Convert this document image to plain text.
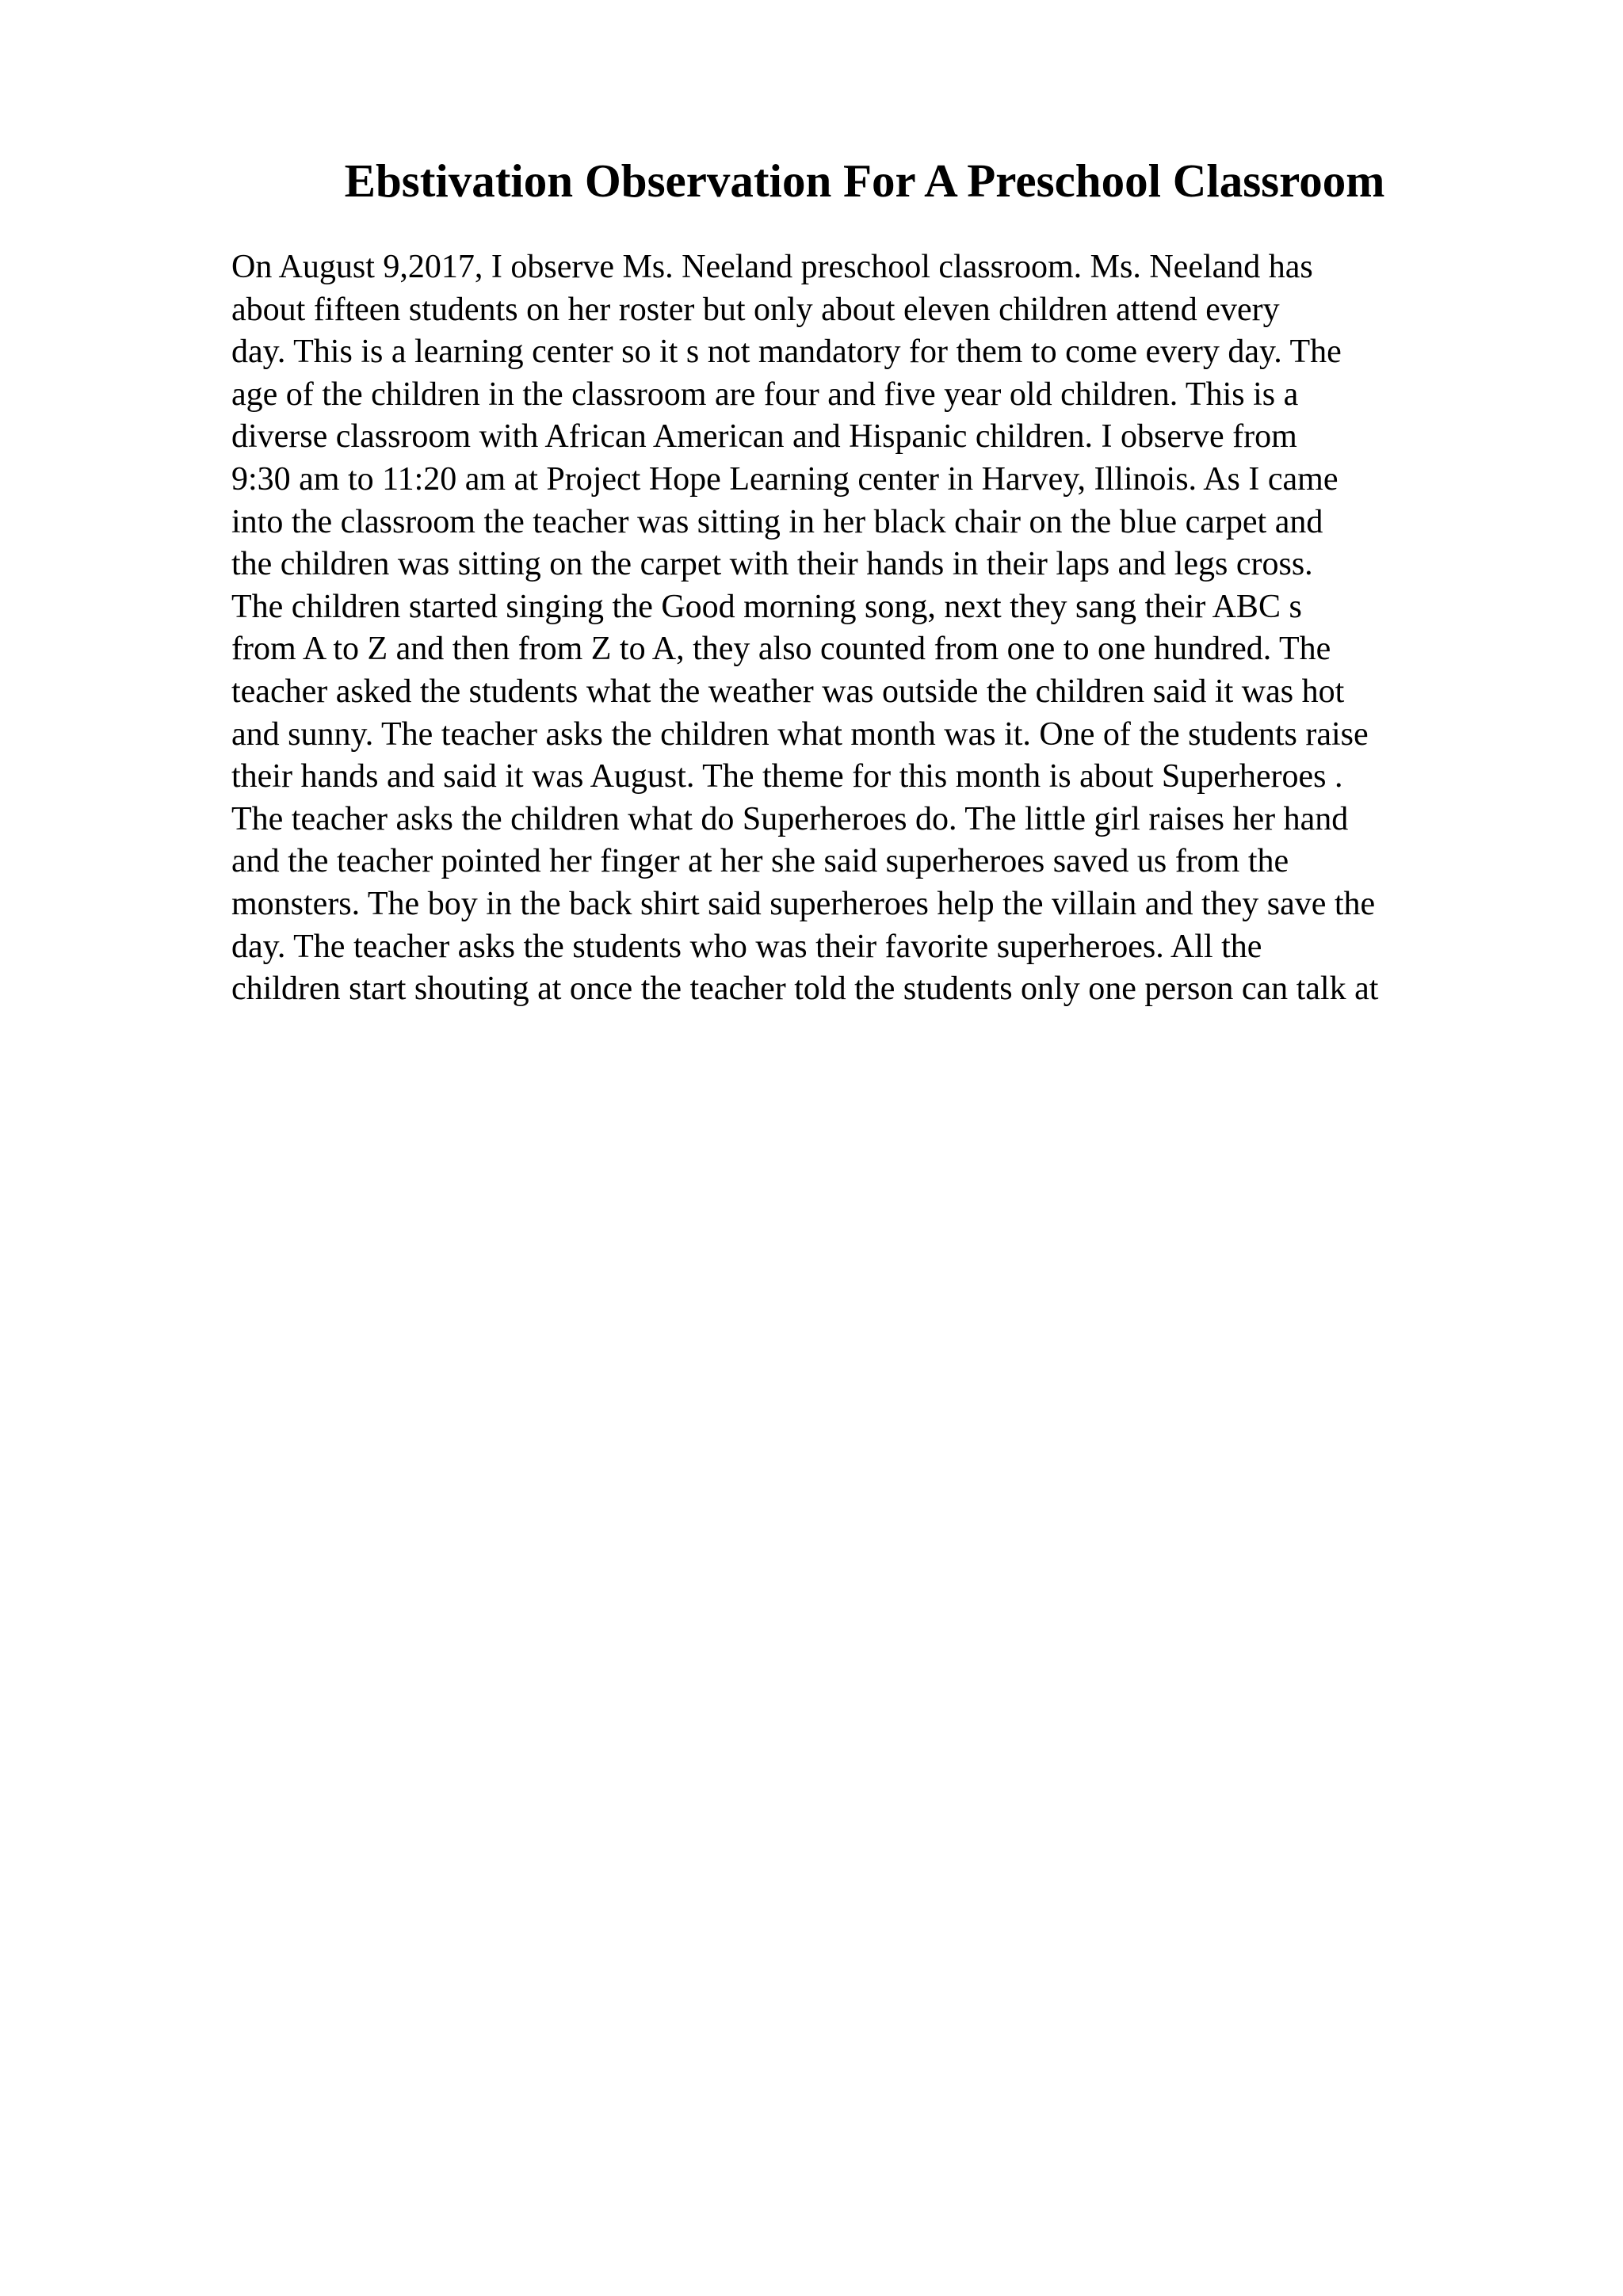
Ebstivation Observation For A Preschool Classroom
On August 9,2017, I observe Ms. Neeland preschool classroom. Ms. Neeland has
about fifteen students on her roster but only about eleven children attend every
day. This is a learning center so it s not mandatory for them to come every day. The
age of the children in the classroom are four and five year old children. This is a
diverse classroom with African American and Hispanic children. I observe from
9:30 am to 11:20 am at Project Hope Learning center in Harvey, Illinois. As I came
into the classroom the teacher was sitting in her black chair on the blue carpet and
the children was sitting on the carpet with their hands in their laps and legs cross.
The children started singing the Good morning song, next they sang their ABC s
from A to Z and then from Z to A, they also counted from one to one hundred. The
teacher asked the students what the weather was outside the children said it was hot
and sunny. The teacher asks the children what month was it. One of the students raise
their hands and said it was August. The theme for this month is about Superheroes .
The teacher asks the children what do Superheroes do. The little girl raises her hand
and the teacher pointed her finger at her she said superheroes saved us from the
monsters. The boy in the back shirt said superheroes help the villain and they save the
day. The teacher asks the students who was their favorite superheroes. All the
children start shouting at once the teacher told the students only one person can talk at
